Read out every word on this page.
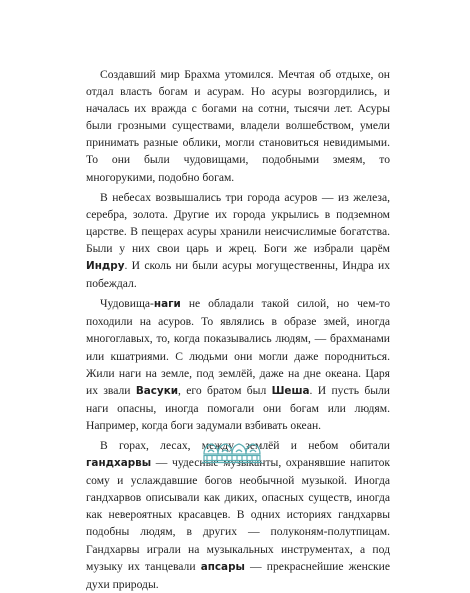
Создавший мир Брахма утомился. Мечтая об отдыхе, он отдал власть богам и асурам. Но асуры возгордились, и началась их вражда с богами на сотни, тысячи лет. Асуры были грозными существами, владели волшебством, умели принимать разные облики, могли становиться невидимыми. То они были чудовищами, подобными змеям, то многорукими, подобно богам.

В небесах возвышались три города асуров — из железа, серебра, золота. Другие их города укрылись в подземном царстве. В пещерах асуры хранили неисчислимые богатства. Были у них свои царь и жрец. Боги же избрали царём Индру. И сколь ни были асуры могущественны, Индра их побеждал.

Чудовища-наги не обладали такой силой, но чем-то походили на асуров. То являлись в образе змей, иногда многоглавых, то, когда показывались людям, — брахманами или кшатриями. С людьми они могли даже породниться. Жили наги на земле, под землёй, даже на дне океана. Царя их звали Васуки, его братом был Шеша. И пусть были наги опасны, иногда помогали они богам или людям. Например, когда боги задумали взбивать океан.

В горах, лесах, между землёй и небом обитали гандхарвы — чудесные музыканты, охранявшие напиток сому и услаждавшие богов необычной музыкой. Иногда гандхарвов описывали как диких, опасных существ, иногда как невероятных красавцев. В одних историях гандхарвы подобны людям, в других — полуконям-полутпицам. Гандхарвы играли на музыкальных инструментах, а под музыку их танцевали апсары — прекраснейшие женские духи природы.
